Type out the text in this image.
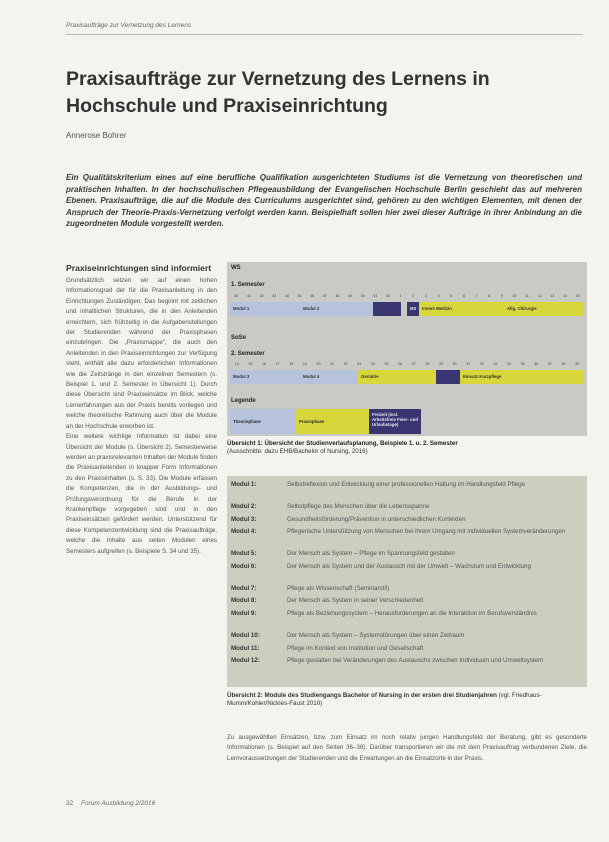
Praxisaufträge zur Vernetzung des Lernens
Praxisaufträge zur Vernetzung des Lernens in Hochschule und Praxiseinrichtung
Annerose Bohrer
Ein Qualitätskriterium eines auf eine berufliche Qualifikation ausgerichteten Studiums ist die Vernetzung von theoretischen und praktischen Inhalten. In der hochschulischen Pflegeausbildung der Evangelischen Hochschule Berlin geschieht das auf mehreren Ebenen. Praxisaufträge, die auf die Module des Curriculums ausgerichtet sind, gehören zu den wichtigen Elementen, mit denen der Anspruch der Theorie-Praxis-Vernetzung verfolgt werden kann. Beispielhaft sollen hier zwei dieser Aufträge in ihrer Anbindung an die zugeordneten Module vorgestellt werden.
Praxiseinrichtungen sind informiert

Grundsätzlich setzen wir auf einen hohen Informationsgrad der für die Praxisanleitung in den Einrichtungen Zuständigen. Das beginnt mit zeitlichen und inhaltlichen Strukturen, die in den Anleitenden erreichtern, sich frühzeitig in die Aufgabenstellungen der Studierenden während der Praxisphasen einzubringen. Die „Praxismappe“, die auch den Anleitenden in den Praxiseinrichtungen zur Verfügung steht, enthält alle dazu erforderlichen Informationen wie die Zeitstränge in den einzelnen Semestern (s. Beispiel 1. und 2. Semester in Übersicht 1). Durch diese Übersicht sind Praxiseinsätze im Blick, welche Lernerfahrungen aus der Praxis bereits vorliegen und welche theoretische Rahmung auch über die Module an der Hochschule erworben ist.

Eine weitere wichtige Information ist dabei eine Übersicht der Module (s. Übersicht 2). Semesterweise werden an praxisrelevanten Inhalten der Module finden die Praxisanleitenden in knapper Form Informationen zu den Praxisinhalten (s. S. 33). Die Module erfassen die Kompetenzen, die in der Ausbildungs- und Prüfungsverordnung für die Berufe in der Krankenpflege vorgegeben sind und in den Praxiseinsätzen gefördert werden. Unterstützend für diese Kompetenzentwicklung sind die Praxisaufträge, welche die Inhalte aus seiten Modulen eines Semesters aufgreifen (s. Beispiele S. 34 und 35).

WS
1. Semester
40	41	42	43	44	45	46	47	48	49	50	51	52	1	2	3	4	5	6	7	8	9	10	11	12	13	14	15
Modul 1	Modul 2	M3	Innere Medizin	Allg. Chirurgie
SoSe
2. Semester
14	15	16	17	18	19	20	21	22	23	24	25	26	27	28	29	30	31	32	33	34	35	36	37	38	39
Modul 3	Modul 4	Geriatrie	Einsatz Kurzpflege
Legende
Theoriephase	Praxisphase
Freizeit (incl. Arbeitsfreie Feier- und Urlaubstage)
Übersicht 1: Übersicht der Studienverlaufsplanung, Beispiele 1. u. 2. Semester
(Ausschnitte: dazu EHB/Bachelor of Nursing, 2016)
Modul 1:	Selbstreflexion und Entwicklung einer professionellen Haltung im Handlungsfeld Pflege
Modul 2:	Selbstpflege des Menschen über die Lebensspanne
Modul 3:	Gesundheitsförderung/Prävention in unterschiedlichen Kontexten
Modul 4:	Pflegerische Unterstützung von Menschen bei ihrem Umgang mit individuellen Systemveränderungen
Modul 5:	Der Mensch als System – Pflege im Spannungsfeld gestalten
Modul 6:	Der Mensch als System und der Austausch mit der Umwelt – Wachstum und Entwicklung
Modul 7:	Pflege als Wissenschaft (Seminarstil)
Modul 8:	Der Mensch als System in seiner Verschiedenheit
Modul 9:	Pflege als Beziehungssystem – Herausforderungen an die Interaktion im Berufsverständnis
Modul 10:	Der Mensch als System – Systemstörungen über einen Zeitraum
Modul 11:	Pflege im Kontext von Institution und Gesellschaft
Modul 12:	Pflege gestalten bei Veränderungen des Austauschs zwischen Individuum und Umweltsystem
Übersicht 2: Module des Studiengangs Bachelor of Nursing in der ersten drei Studienjahren (vgl. Friedhaus-Mumm/Kohler/Nickles-Faust 2010)
Zu ausgewählten Einsätzen, bzw. zum Einsatz im noch relativ jungen Handlungsfeld der Beratung, gibt es gesonderte Informationen (s. Beispiel auf den Seiten 36–38). Darüber transportieren wir die mit dem Praxisauftrag verbundenen Ziele, die Lernvoraussetzungen der Studierenden und die Erwartungen an die Einsatzorte in der Praxis.
32 Forum Ausbildung 2/2016
